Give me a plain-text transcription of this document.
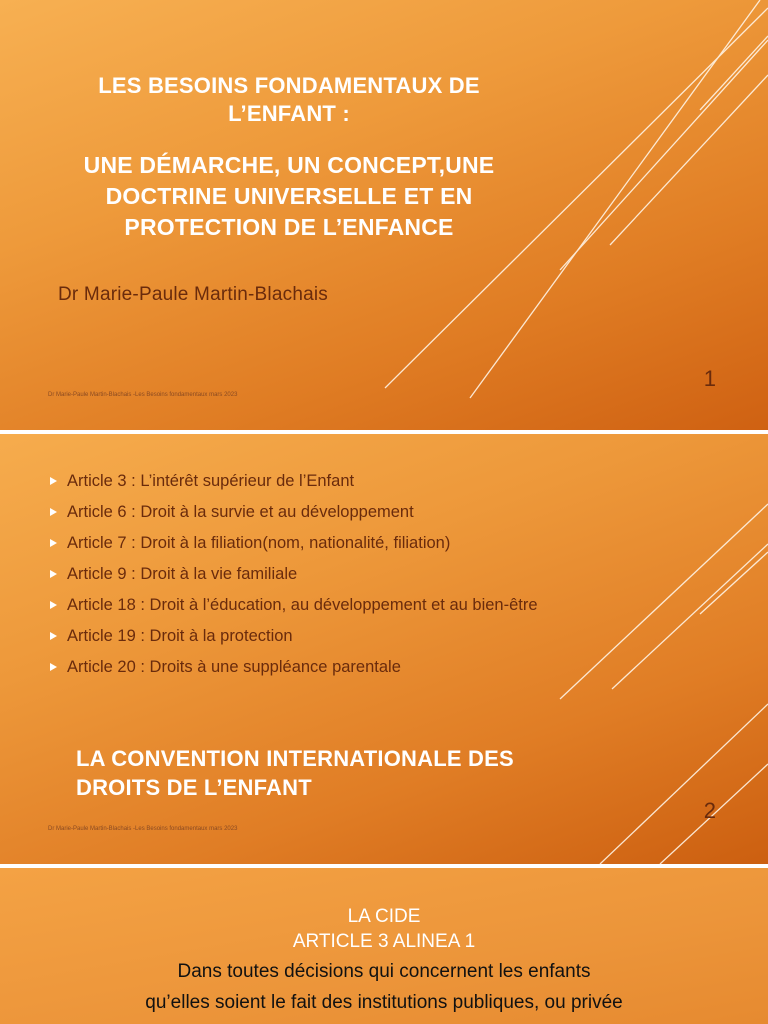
LES BESOINS FONDAMENTAUX DE
L’ENFANT :
UNE DÉMARCHE, UN CONCEPT,UNE
DOCTRINE UNIVERSELLE ET EN
PROTECTION DE L’ENFANCE
Dr Marie-Paule Martin-Blachais
Dr Marie-Paule Martin-Blachais -Les Besoins fondamentaux mars 2023
1
Article 3 : L’intérêt supérieur de l’Enfant
Article 6 : Droit à la survie et au développement
Article 7 : Droit à la filiation(nom, nationalité, filiation)
Article 9 : Droit à la vie familiale
Article 18 : Droit à l’éducation, au développement et au bien-être
Article 19 : Droit à la protection
Article 20 : Droits à une suppléance parentale
LA CONVENTION INTERNATIONALE DES
DROITS DE L’ENFANT
Dr Marie-Paule Martin-Blachais -Les Besoins fondamentaux mars 2023
2
LA CIDE
ARTICLE 3 ALINEA 1
Dans toutes décisions qui concernent les enfants
qu’elles soient le fait des institutions publiques, ou privée
